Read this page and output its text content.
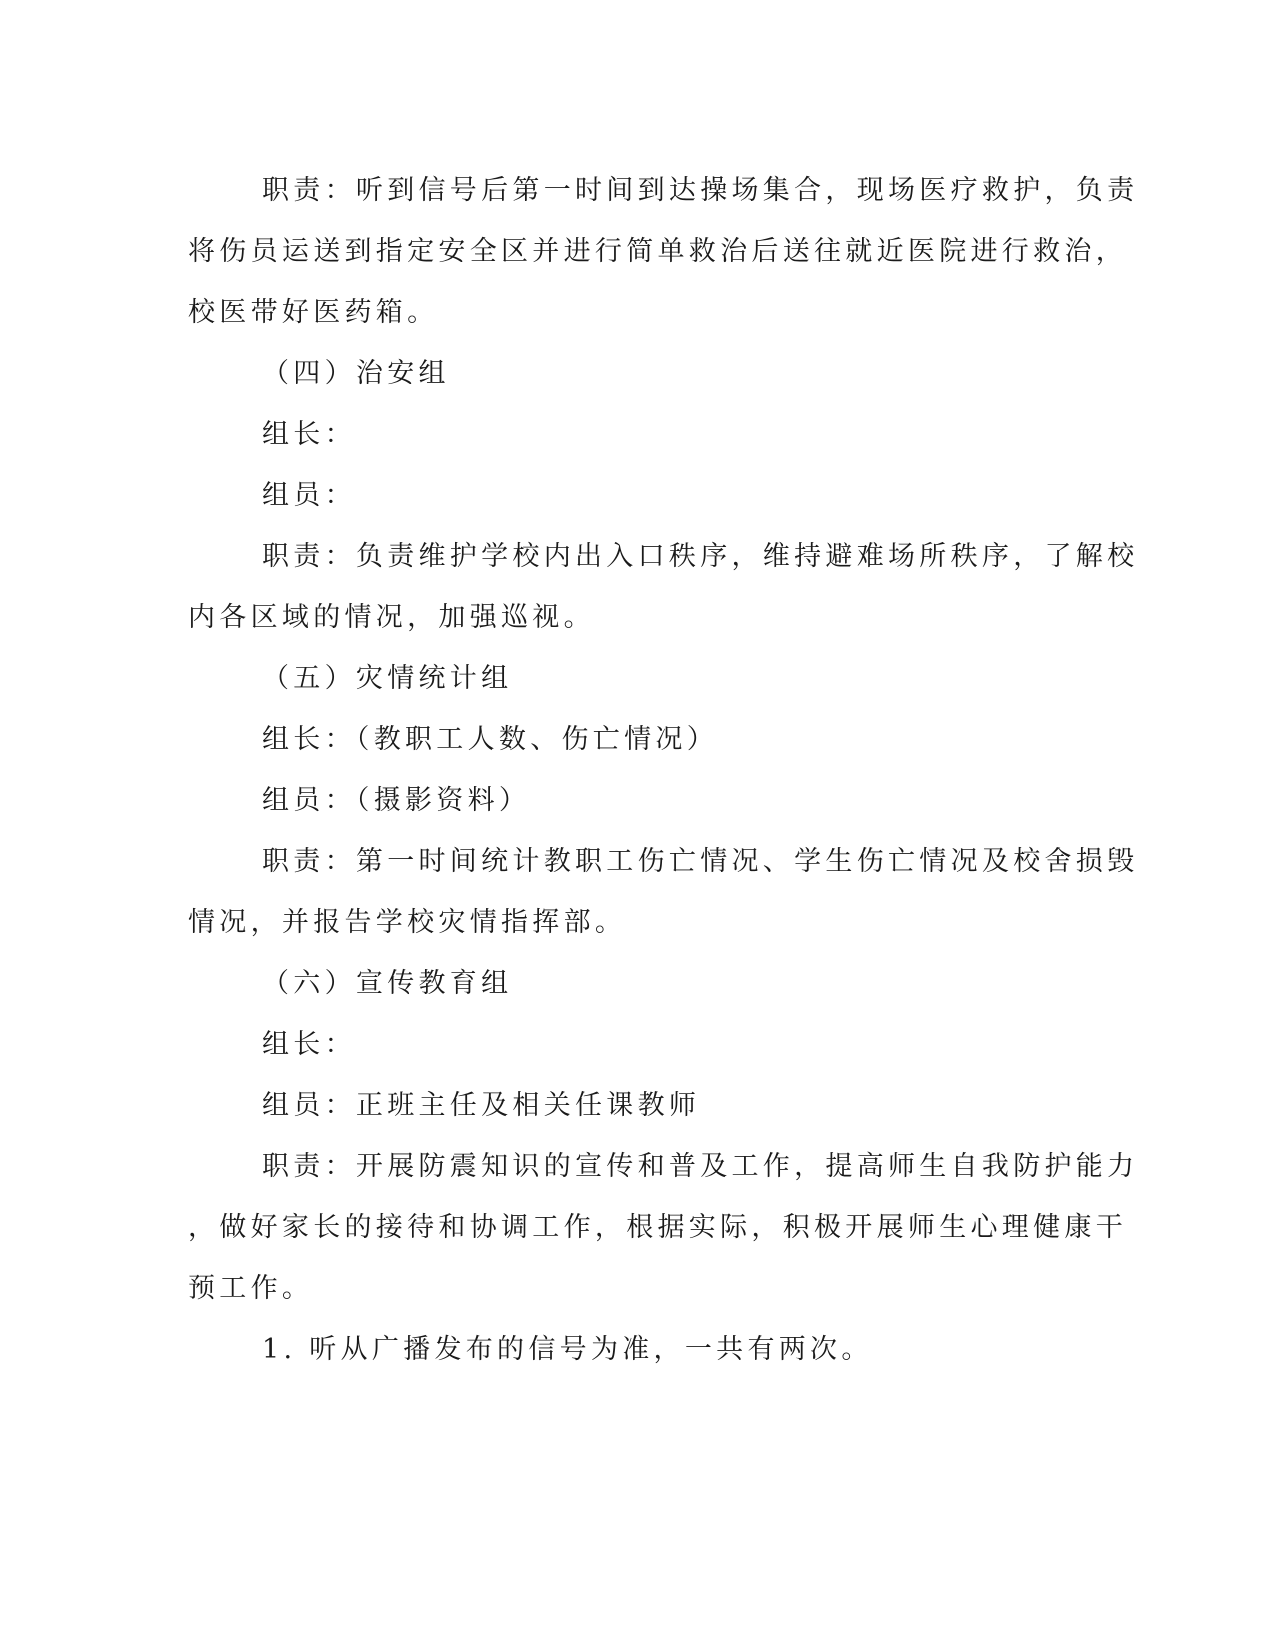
职责：听到信号后第一时间到达操场集合，现场医疗救护，负责

将伤员运送到指定安全区并进行简单救治后送往就近医院进行救治，

校医带好医药箱。

（四）治安组

组长：

组员：

职责：负责维护学校内出入口秩序，维持避难场所秩序，了解校

内各区域的情况，加强巡视。

（五）灾情统计组

组长：（教职工人数、伤亡情况）

组员：（摄影资料）

职责：第一时间统计教职工伤亡情况、学生伤亡情况及校舍损毁

情况，并报告学校灾情指挥部。

（六）宣传教育组

组长：

组员：正班主任及相关任课教师

职责：开展防震知识的宣传和普及工作，提高师生自我防护能力

，做好家长的接待和协调工作，根据实际，积极开展师生心理健康干

预工作。

1. 听从广播发布的信号为准，一共有两次。
